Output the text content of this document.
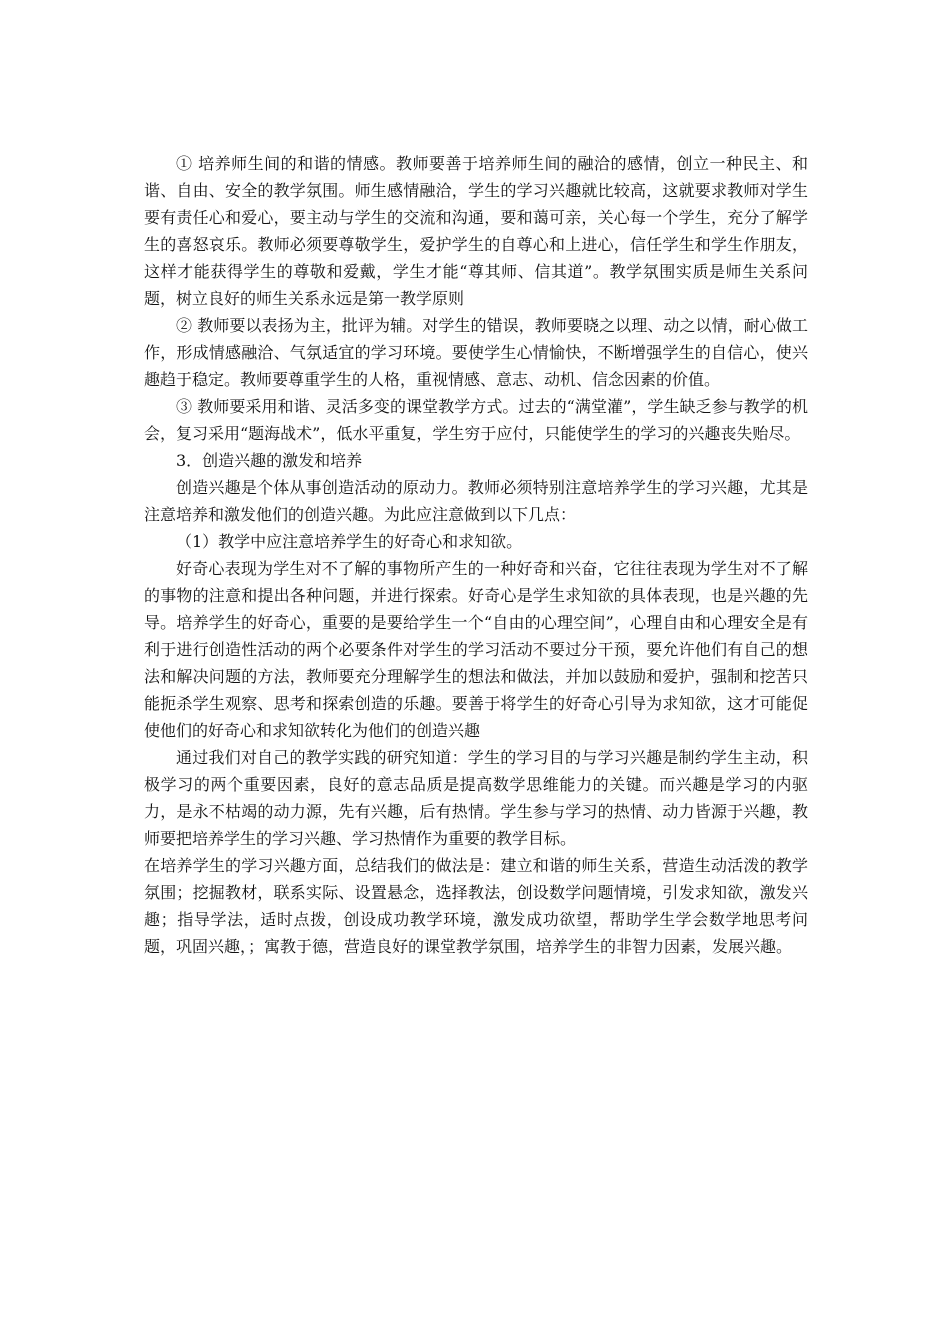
① 培养师生间的和谐的情感。教师要善于培养师生间的融洽的感情，创立一种民主、和谐、自由、安全的教学氛围。师生感情融洽，学生的学习兴趣就比较高，这就要求教师对学生要有责任心和爱心，要主动与学生的交流和沟通，要和蔼可亲，关心每一个学生，充分了解学生的喜怒哀乐。教师必须要尊敬学生，爱护学生的自尊心和上进心，信任学生和学生作朋友，这样才能获得学生的尊敬和爱戴，学生才能“尊其师、信其道”。教学氛围实质是师生关系问题，树立良好的师生关系永远是第一教学原则

② 教师要以表扬为主，批评为辅。对学生的错误，教师要晓之以理、动之以情，耐心做工作，形成情感融洽、气氛适宜的学习环境。要使学生心情愉快，不断增强学生的自信心，使兴趣趋于稳定。教师要尊重学生的人格，重视情感、意志、动机、信念因素的价值。

③ 教师要采用和谐、灵活多变的课堂教学方式。过去的“满堂灌”，学生缺乏参与教学的机会，复习采用“题海战术”，低水平重复，学生穷于应付，只能使学生的学习的兴趣丧失贻尽。

3．创造兴趣的激发和培养

创造兴趣是个体从事创造活动的原动力。教师必须特别注意培养学生的学习兴趣，尤其是注意培养和激发他们的创造兴趣。为此应注意做到以下几点：

（1）教学中应注意培养学生的好奇心和求知欲。

好奇心表现为学生对不了解的事物所产生的一种好奇和兴奋，它往往表现为学生对不了解的事物的注意和提出各种问题，并进行探索。好奇心是学生求知欲的具体表现，也是兴趣的先导。培养学生的好奇心，重要的是要给学生一个“自由的心理空间”，心理自由和心理安全是有利于进行创造性活动的两个必要条件对学生的学习活动不要过分干预，要允许他们有自己的想法和解决问题的方法，教师要充分理解学生的想法和做法，并加以鼓励和爱护，强制和挖苦只能扼杀学生观察、思考和探索创造的乐趣。要善于将学生的好奇心引导为求知欲，这才可能促使他们的好奇心和求知欲转化为他们的创造兴趣

通过我们对自己的教学实践的研究知道：学生的学习目的与学习兴趣是制约学生主动，积极学习的两个重要因素，良好的意志品质是提高数学思维能力的关键。而兴趣是学习的内驱力，是永不枯竭的动力源，先有兴趣，后有热情。学生参与学习的热情、动力皆源于兴趣，教师要把培养学生的学习兴趣、学习热情作为重要的教学目标。

在培养学生的学习兴趣方面，总结我们的做法是：建立和谐的师生关系，营造生动活泼的教学氛围；挖掘教材，联系实际、设置悬念，选择教法，创设数学问题情境，引发求知欲，激发兴趣；指导学法，适时点拨，创设成功教学环境，激发成功欲望，帮助学生学会数学地思考问题，巩固兴趣，；寓教于德，营造良好的课堂教学氛围，培养学生的非智力因素，发展兴趣。
